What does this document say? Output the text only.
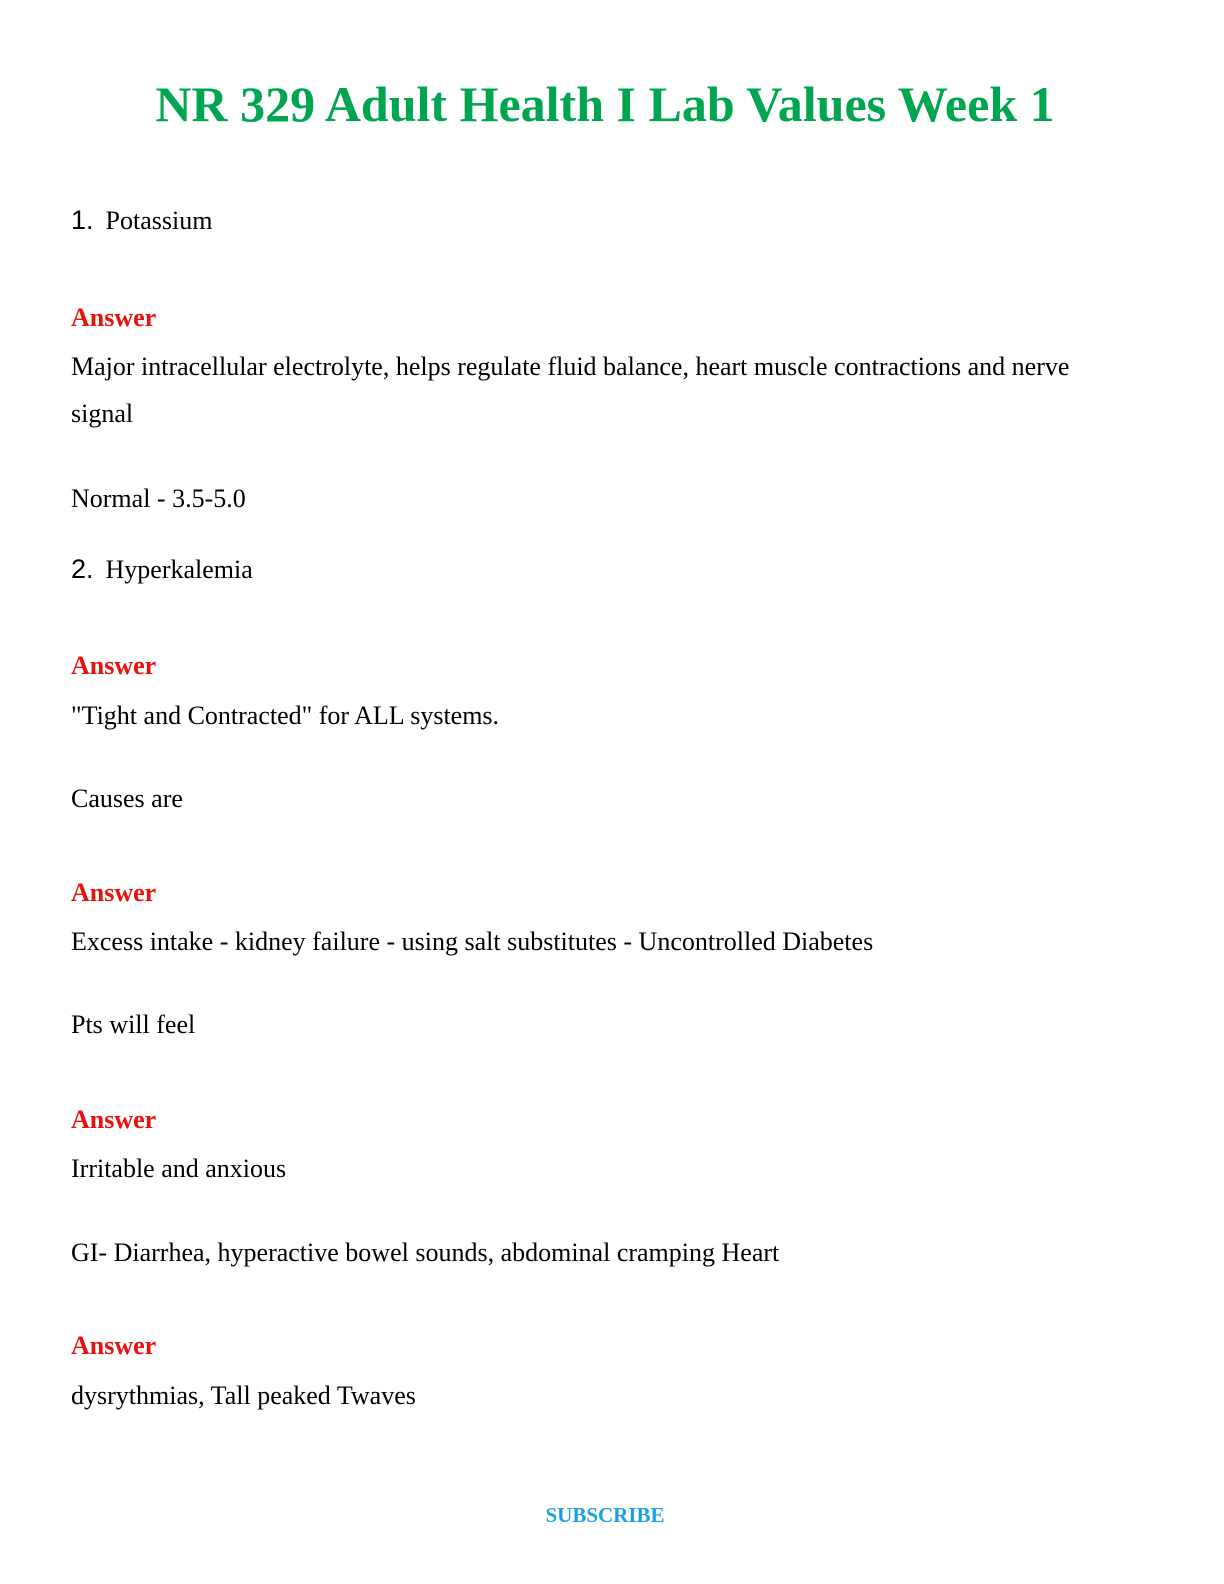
NR 329 Adult Health I Lab Values Week 1
1. Potassium
Answer
Major intracellular electrolyte, helps regulate fluid balance, heart muscle contractions and nerve signal
Normal - 3.5-5.0
2. Hyperkalemia
Answer
"Tight and Contracted" for ALL systems.
Causes are
Answer
Excess intake - kidney failure - using salt substitutes - Uncontrolled Diabetes
Pts will feel
Answer
Irritable and anxious
GI- Diarrhea, hyperactive bowel sounds, abdominal cramping Heart
Answer
dysrythmias, Tall peaked Twaves
SUBSCRIBE
